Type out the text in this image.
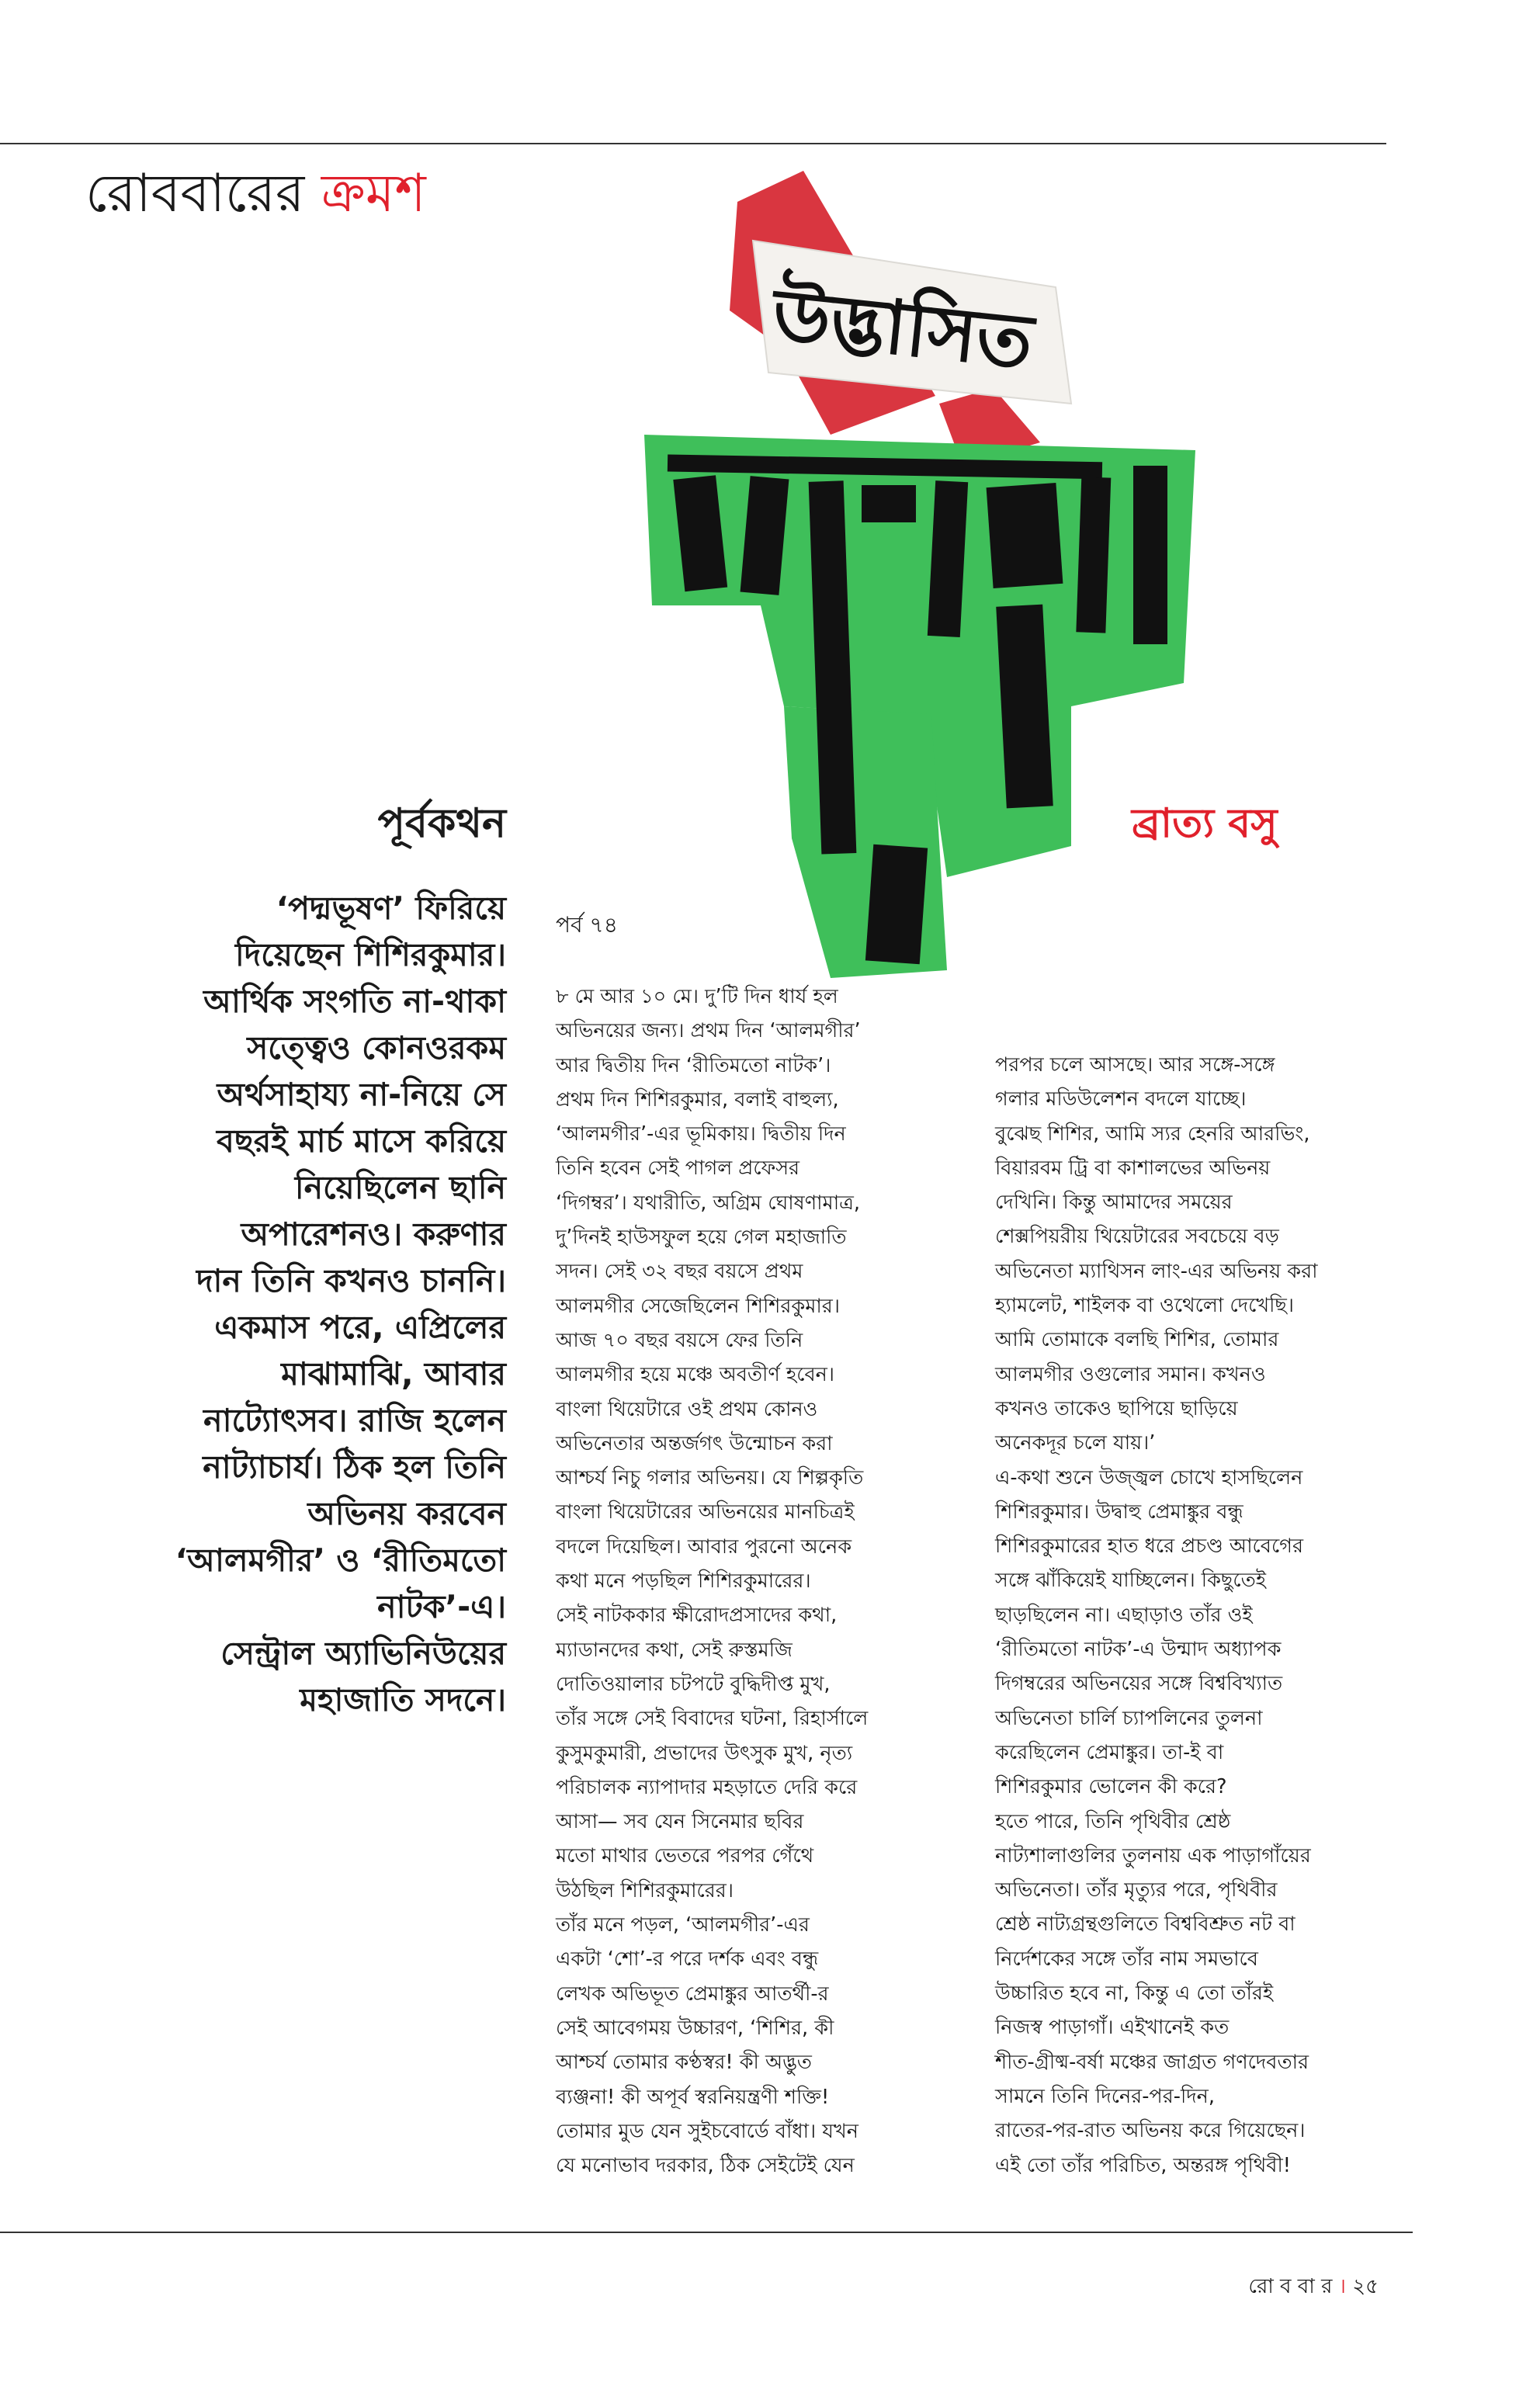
রোববারের ক্রমশ
উদ্ভাসিত
ব্রাত্য বসু
পূর্বকথন
‘পদ্মভূষণ’ ফিরিয়ে
দিয়েছেন শিশিরকুমার।
আর্থিক সংগতি না-থাকা
সত্ত্বেও কোনওরকম
অর্থসাহায্য না-নিয়ে সে
বছরই মার্চ মাসে করিয়ে
নিয়েছিলেন ছানি
অপারেশনও। করুণার
দান তিনি কখনও চাননি।
একমাস পরে, এপ্রিলের
মাঝামাঝি, আবার
নাট্যোৎসব। রাজি হলেন
নাট্যাচার্য। ঠিক হল তিনি
অভিনয় করবেন
‘আলমগীর’ ও ‘রীতিমতো
নাটক’-এ।
সেন্ট্রাল অ্যাভিনিউয়ের
মহাজাতি সদনে।
পর্ব ৭৪
৮ মে আর ১০ মে। দু’টি দিন ধার্য হল
অভিনয়ের জন্য। প্রথম দিন ‘আলমগীর’
আর দ্বিতীয় দিন ‘রীতিমতো নাটক’।
প্রথম দিন শিশিরকুমার, বলাই বাহুল্য,
‘আলমগীর’-এর ভূমিকায়। দ্বিতীয় দিন
তিনি হবেন সেই পাগল প্রফেসর
‘দিগম্বর’। যথারীতি, অগ্রিম ঘোষণামাত্র,
দু’দিনই হাউসফুল হয়ে গেল মহাজাতি
সদন। সেই ৩২ বছর বয়সে প্রথম
আলমগীর সেজেছিলেন শিশিরকুমার।
আজ ৭০ বছর বয়সে ফের তিনি
আলমগীর হয়ে মঞ্চে অবতীর্ণ হবেন।
বাংলা থিয়েটারে ওই প্রথম কোনও
অভিনেতার অন্তর্জগৎ উন্মোচন করা
আশ্চর্য নিচু গলার অভিনয়। যে শিল্পকৃতি
বাংলা থিয়েটারের অভিনয়ের মানচিত্রই
বদলে দিয়েছিল। আবার পুরনো অনেক
কথা মনে পড়ছিল শিশিরকুমারের।
সেই নাটককার ক্ষীরোদপ্রসাদের কথা,
ম্যাডানদের কথা, সেই রুস্তমজি
দোতিওয়ালার চটপটে বুদ্ধিদীপ্ত মুখ,
তাঁর সঙ্গে সেই বিবাদের ঘটনা, রিহার্সালে
কুসুমকুমারী, প্রভাদের উৎসুক মুখ, নৃত্য
পরিচালক ন্যাপাদার মহড়াতে দেরি করে
আসা— সব যেন সিনেমার ছবির
মতো মাথার ভেতরে পরপর গেঁথে
উঠছিল শিশিরকুমারের।
তাঁর মনে পড়ল, ‘আলমগীর’-এর
একটা ‘শো’-র পরে দর্শক এবং বন্ধু
লেখক অভিভূত প্রেমাঙ্কুর আতর্থী-র
সেই আবেগময় উচ্চারণ, ‘শিশির, কী
আশ্চর্য তোমার কণ্ঠস্বর! কী অদ্ভুত
ব্যঞ্জনা! কী অপূর্ব স্বরনিয়ন্ত্রণী শক্তি!
তোমার মুড যেন সুইচবোর্ডে বাঁধা। যখন
যে মনোভাব দরকার, ঠিক সেইটেই যেন
পরপর চলে আসছে। আর সঙ্গে-সঙ্গে
গলার মডিউলেশন বদলে যাচ্ছে।
বুঝেছ শিশির, আমি স্যর হেনরি আরভিং,
বিয়ারবম ট্রি বা কাশালভের অভিনয়
দেখিনি। কিন্তু আমাদের সময়ের
শেক্সপিয়রীয় থিয়েটারের সবচেয়ে বড়
অভিনেতা ম্যাথিসন লাং-এর অভিনয় করা
হ্যামলেট, শাইলক বা ওথেলো দেখেছি।
আমি তোমাকে বলছি শিশির, তোমার
আলমগীর ওগুলোর সমান। কখনও
কখনও তাকেও ছাপিয়ে ছাড়িয়ে
অনেকদূর চলে যায়।’
এ-কথা শুনে উজ্জ্বল চোখে হাসছিলেন
শিশিরকুমার। উদ্বাহু প্রেমাঙ্কুর বন্ধু
শিশিরকুমারের হাত ধরে প্রচণ্ড আবেগের
সঙ্গে ঝাঁকিয়েই যাচ্ছিলেন। কিছুতেই
ছাড়ছিলেন না। এছাড়াও তাঁর ওই
‘রীতিমতো নাটক’-এ উন্মাদ অধ্যাপক
দিগম্বরের অভিনয়ের সঙ্গে বিশ্ববিখ্যাত
অভিনেতা চার্লি চ্যাপলিনের তুলনা
করেছিলেন প্রেমাঙ্কুর। তা-ই বা
শিশিরকুমার ভোলেন কী করে?
হতে পারে, তিনি পৃথিবীর শ্রেষ্ঠ
নাট্যশালাগুলির তুলনায় এক পাড়াগাঁয়ের
অভিনেতা। তাঁর মৃত্যুর পরে, পৃথিবীর
শ্রেষ্ঠ নাট্যগ্রন্থগুলিতে বিশ্ববিশ্রুত নট বা
নির্দেশকের সঙ্গে তাঁর নাম সমভাবে
উচ্চারিত হবে না, কিন্তু এ তো তাঁরই
নিজস্ব পাড়াগাঁ। এইখানেই কত
শীত-গ্রীষ্ম-বর্ষা মঞ্চের জাগ্রত গণদেবতার
সামনে তিনি দিনের-পর-দিন,
রাতের-পর-রাত অভিনয় করে গিয়েছেন।
এই তো তাঁর পরিচিত, অন্তরঙ্গ পৃথিবী!
রো ব বা র । ২৫
